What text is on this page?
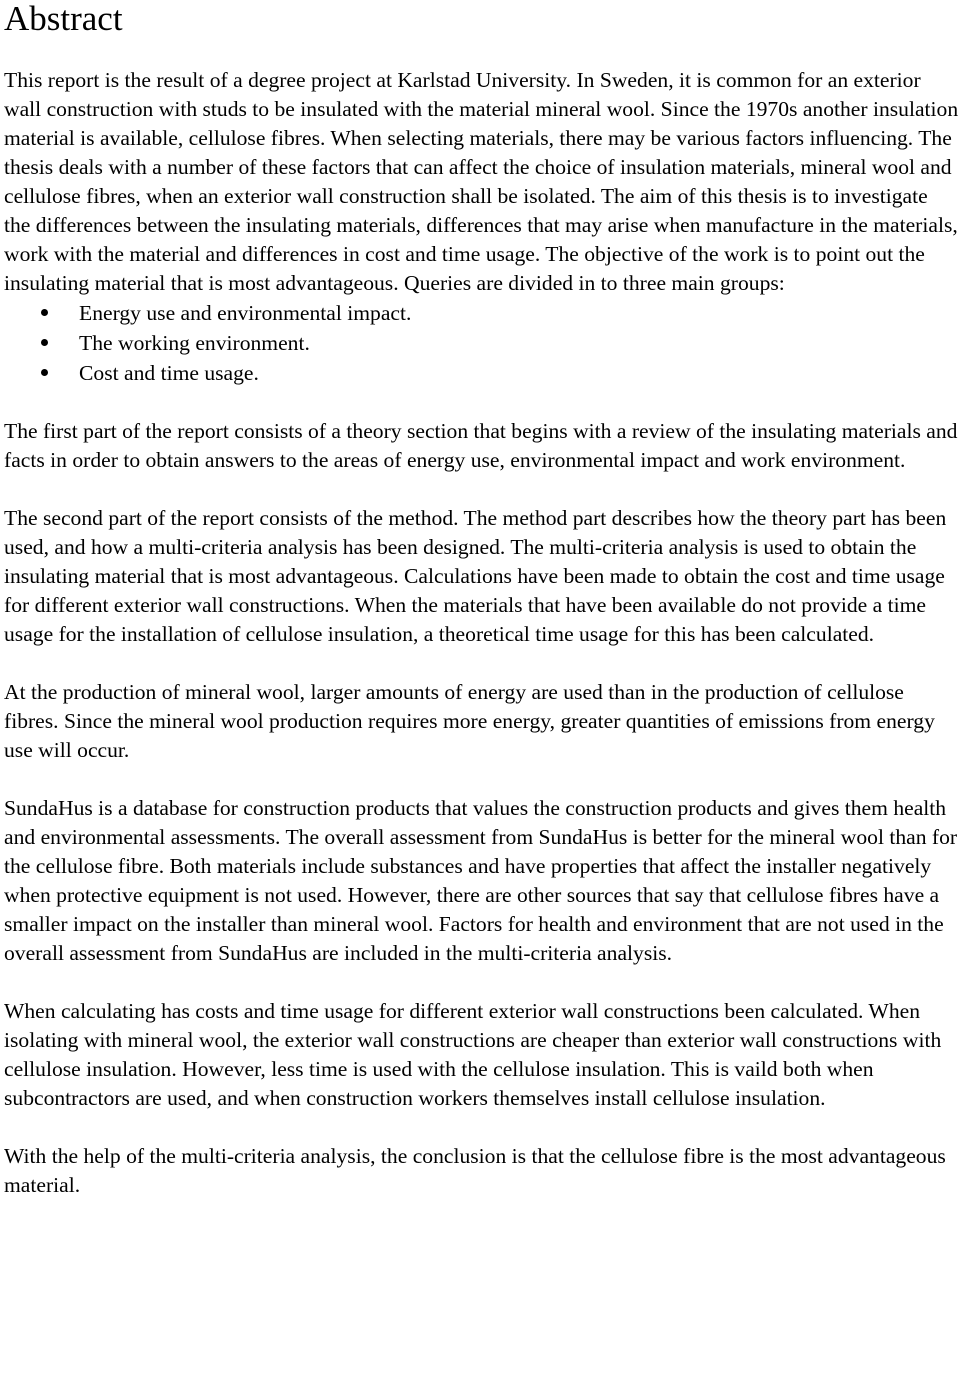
Abstract

This report is the result of a degree project at Karlstad University. In Sweden, it is common for an exterior wall construction with studs to be insulated with the material mineral wool. Since the 1970s another insulation material is available, cellulose fibres. When selecting materials, there may be various factors influencing. The thesis deals with a number of these factors that can affect the choice of insulation materials, mineral wool and cellulose fibres, when an exterior wall construction shall be isolated. The aim of this thesis is to investigate the differences between the insulating materials, differences that may arise when manufacture in the materials, work with the material and differences in cost and time usage. The objective of the work is to point out the insulating material that is most advantageous. Queries are divided in to three main groups:

Energy use and environmental impact.
The working environment.
Cost and time usage.

The first part of the report consists of a theory section that begins with a review of the insulating materials and facts in order to obtain answers to the areas of energy use, environmental impact and work environment.

The second part of the report consists of the method. The method part describes how the theory part has been used, and how a multi-criteria analysis has been designed. The multi-criteria analysis is used to obtain the insulating material that is most advantageous. Calculations have been made to obtain the cost and time usage for different exterior wall constructions. When the materials that have been available do not provide a time usage for the installation of cellulose insulation, a theoretical time usage for this has been calculated.

At the production of mineral wool, larger amounts of energy are used than in the production of cellulose fibres. Since the mineral wool production requires more energy, greater quantities of emissions from energy use will occur.

SundaHus is a database for construction products that values the construction products and gives them health and environmental assessments. The overall assessment from SundaHus is better for the mineral wool than for the cellulose fibre. Both materials include substances and have properties that affect the installer negatively when protective equipment is not used. However, there are other sources that say that cellulose fibres have a smaller impact on the installer than mineral wool. Factors for health and environment that are not used in the overall assessment from SundaHus are included in the multi-criteria analysis.

When calculating has costs and time usage for different exterior wall constructions been calculated. When isolating with mineral wool, the exterior wall constructions are cheaper than exterior wall constructions with cellulose insulation. However, less time is used with the cellulose insulation. This is vaild both when subcontractors are used, and when construction workers themselves install cellulose insulation.

With the help of the multi-criteria analysis, the conclusion is that the cellulose fibre is the most advantageous material.
